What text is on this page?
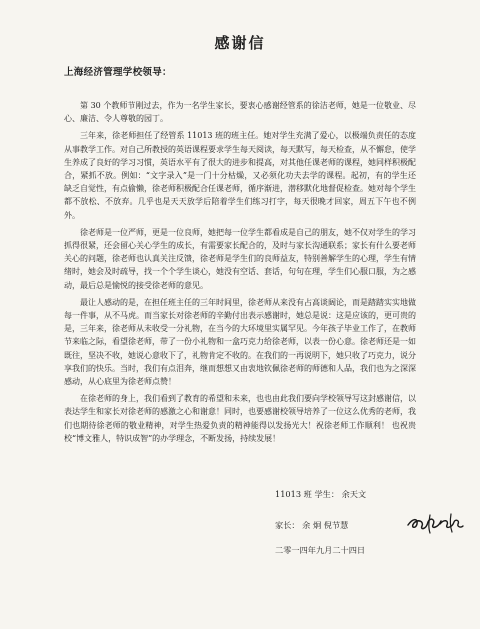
感谢信
上海经济管理学校领导：

第 30 个教师节刚过去，作为一名学生家长，要衷心感谢经管系的徐洁老师，她是一位敬业、尽心、廉洁、令人尊敬的园丁。

三年来，徐老师担任了经管系 11013 班的班主任。她对学生充满了爱心，以极端负责任的态度从事教学工作。对自己所教授的英语课程要求学生每天阅读，每天默写，每天检查，从不懈怠，使学生养成了良好的学习习惯，英语水平有了很大的进步和提高，对其他任课老师的课程，她同样积极配合，紧抓不放。例如：“文字录入”是一门十分枯燥，又必须化功夫去学的课程。起初，有的学生还缺乏自觉性，有点偷懒，徐老师积极配合任课老师，循序渐进，潜移默化地督促检查。她对每个学生都不放松、不放弃。几乎也是天天放学后陪着学生们练习打字，每天很晚才回家，周五下午也不例外。

徐老师是一位严师，更是一位良师，她把每一位学生都看成是自己的朋友，她不仅对学生的学习抓得很紧，还会留心关心学生的成长，有需要家长配合的，及时与家长沟通联系；家长有什么要老师关心的问题，徐老师也认真关注反馈，徐老师是学生们的良师益友，特别善解学生的心理，学生有情绪时，她会及时疏导，找一个个学生谈心，她没有空话、套话，句句在理，学生们心服口服，为之感动，最后总是愉悦的接受徐老师的意见。

最让人感动的是，在担任班主任的三年时间里，徐老师从来没有占高谈阔论，而是踏踏实实地做每一件事，从不马虎。而当家长对徐老师的辛勤付出表示感谢时，她总是说：这是应该的，更可贵的是，三年来，徐老师从未收受一分礼物，在当今的大环境里实属罕见。今年孩子毕业工作了，在教师节来临之际，看望徐老师，带了一份小礼物和一盒巧克力给徐老师，以表一份心意。徐老师还是一如既往，坚决不收，她说心意收下了，礼物肯定不收的。在我们的一再说明下，她只收了巧克力，说分享我们的快乐。当时，我们有点泪奔，继而想想又由衷地钦佩徐老师的师德和人品，我们也为之深深感动，从心底里为徐老师点赞！

在徐老师的身上，我们看到了教育的希望和未来，也也由此我们要向学校领导写这封感谢信，以表达学生和家长对徐老师的感激之心和谢意！同时，也要感谢校领导培养了一位这么优秀的老师，我们也期待徐老师的敬业精神，对学生热爱负责的精神能得以发扬光大！祝徐老师工作顺利！ 也祝贵校“博文雅人，特识成智”的办学理念，不断发扬，持续发展！

11013 班 学生： 余天文
家长： 余 炯 倪节慧
二零一四年九月二十四日
